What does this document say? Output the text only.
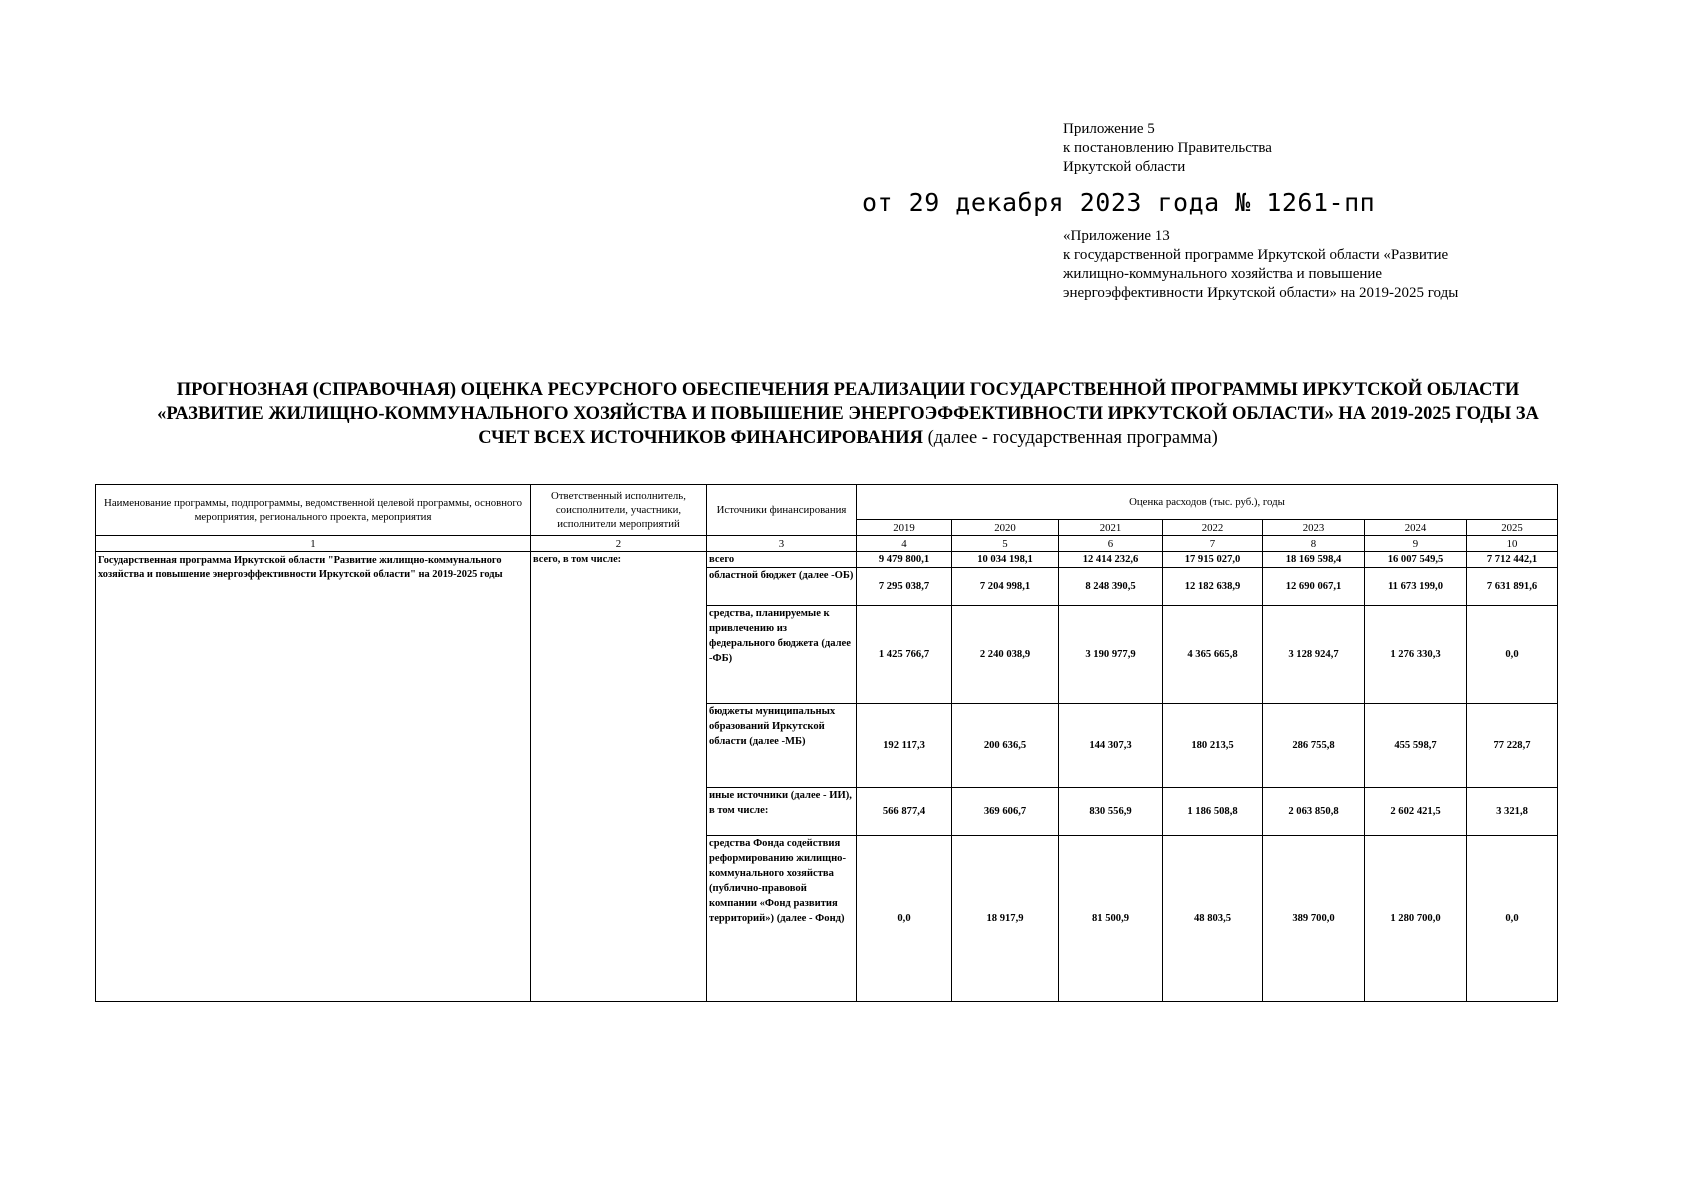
Приложение 5
к постановлению Правительства
Иркутской области
от 29 декабря 2023 года № 1261-пп
«Приложение 13
к государственной программе Иркутской области «Развитие
жилищно-коммунального хозяйства и повышение
энергоэффективности Иркутской области» на 2019-2025 годы
ПРОГНОЗНАЯ (СПРАВОЧНАЯ) ОЦЕНКА РЕСУРСНОГО ОБЕСПЕЧЕНИЯ РЕАЛИЗАЦИИ ГОСУДАРСТВЕННОЙ ПРОГРАММЫ ИРКУТСКОЙ ОБЛАСТИ
«РАЗВИТИЕ ЖИЛИЩНО-КОММУНАЛЬНОГО ХОЗЯЙСТВА И ПОВЫШЕНИЕ ЭНЕРГОЭФФЕКТИВНОСТИ ИРКУТСКОЙ ОБЛАСТИ» НА 2019-2025 ГОДЫ ЗА
СЧЕТ ВСЕХ ИСТОЧНИКОВ ФИНАНСИРОВАНИЯ (далее - государственная программа)
Наименование программы, подпрограммы, ведомственной целевой программы, основного мероприятия, регионального проекта, мероприятия	Ответственный исполнитель, соисполнители, участники, исполнители мероприятий	Источники финансирования	Оценка расходов (тыс. руб.), годы						
			2019	2020	2021	2022	2023	2024	2025
1	2	3	4	5	6	7	8	9	10
Государственная программа Иркутской области "Развитие жилищно-коммунального хозяйства и повышение энергоэффективности Иркутской области" на 2019-2025 годы	всего, в том числе:	всего	9 479 800,1	10 034 198,1	12 414 232,6	17 915 027,0	18 169 598,4	16 007 549,5	7 712 442,1
		областной бюджет (далее -ОБ)	7 295 038,7	7 204 998,1	8 248 390,5	12 182 638,9	12 690 067,1	11 673 199,0	7 631 891,6
		средства, планируемые к привлечению из федерального бюджета (далее -ФБ)	1 425 766,7	2 240 038,9	3 190 977,9	4 365 665,8	3 128 924,7	1 276 330,3	0,0
		бюджеты муниципальных образований Иркутской области (далее -МБ)	192 117,3	200 636,5	144 307,3	180 213,5	286 755,8	455 598,7	77 228,7
		иные источники (далее - ИИ), в том числе:	566 877,4	369 606,7	830 556,9	1 186 508,8	2 063 850,8	2 602 421,5	3 321,8
		средства Фонда содействия реформированию жилищно-коммунального хозяйства (публично-правовой компании «Фонд развития территорий») (далее - Фонд)	0,0	18 917,9	81 500,9	48 803,5	389 700,0	1 280 700,0	0,0
